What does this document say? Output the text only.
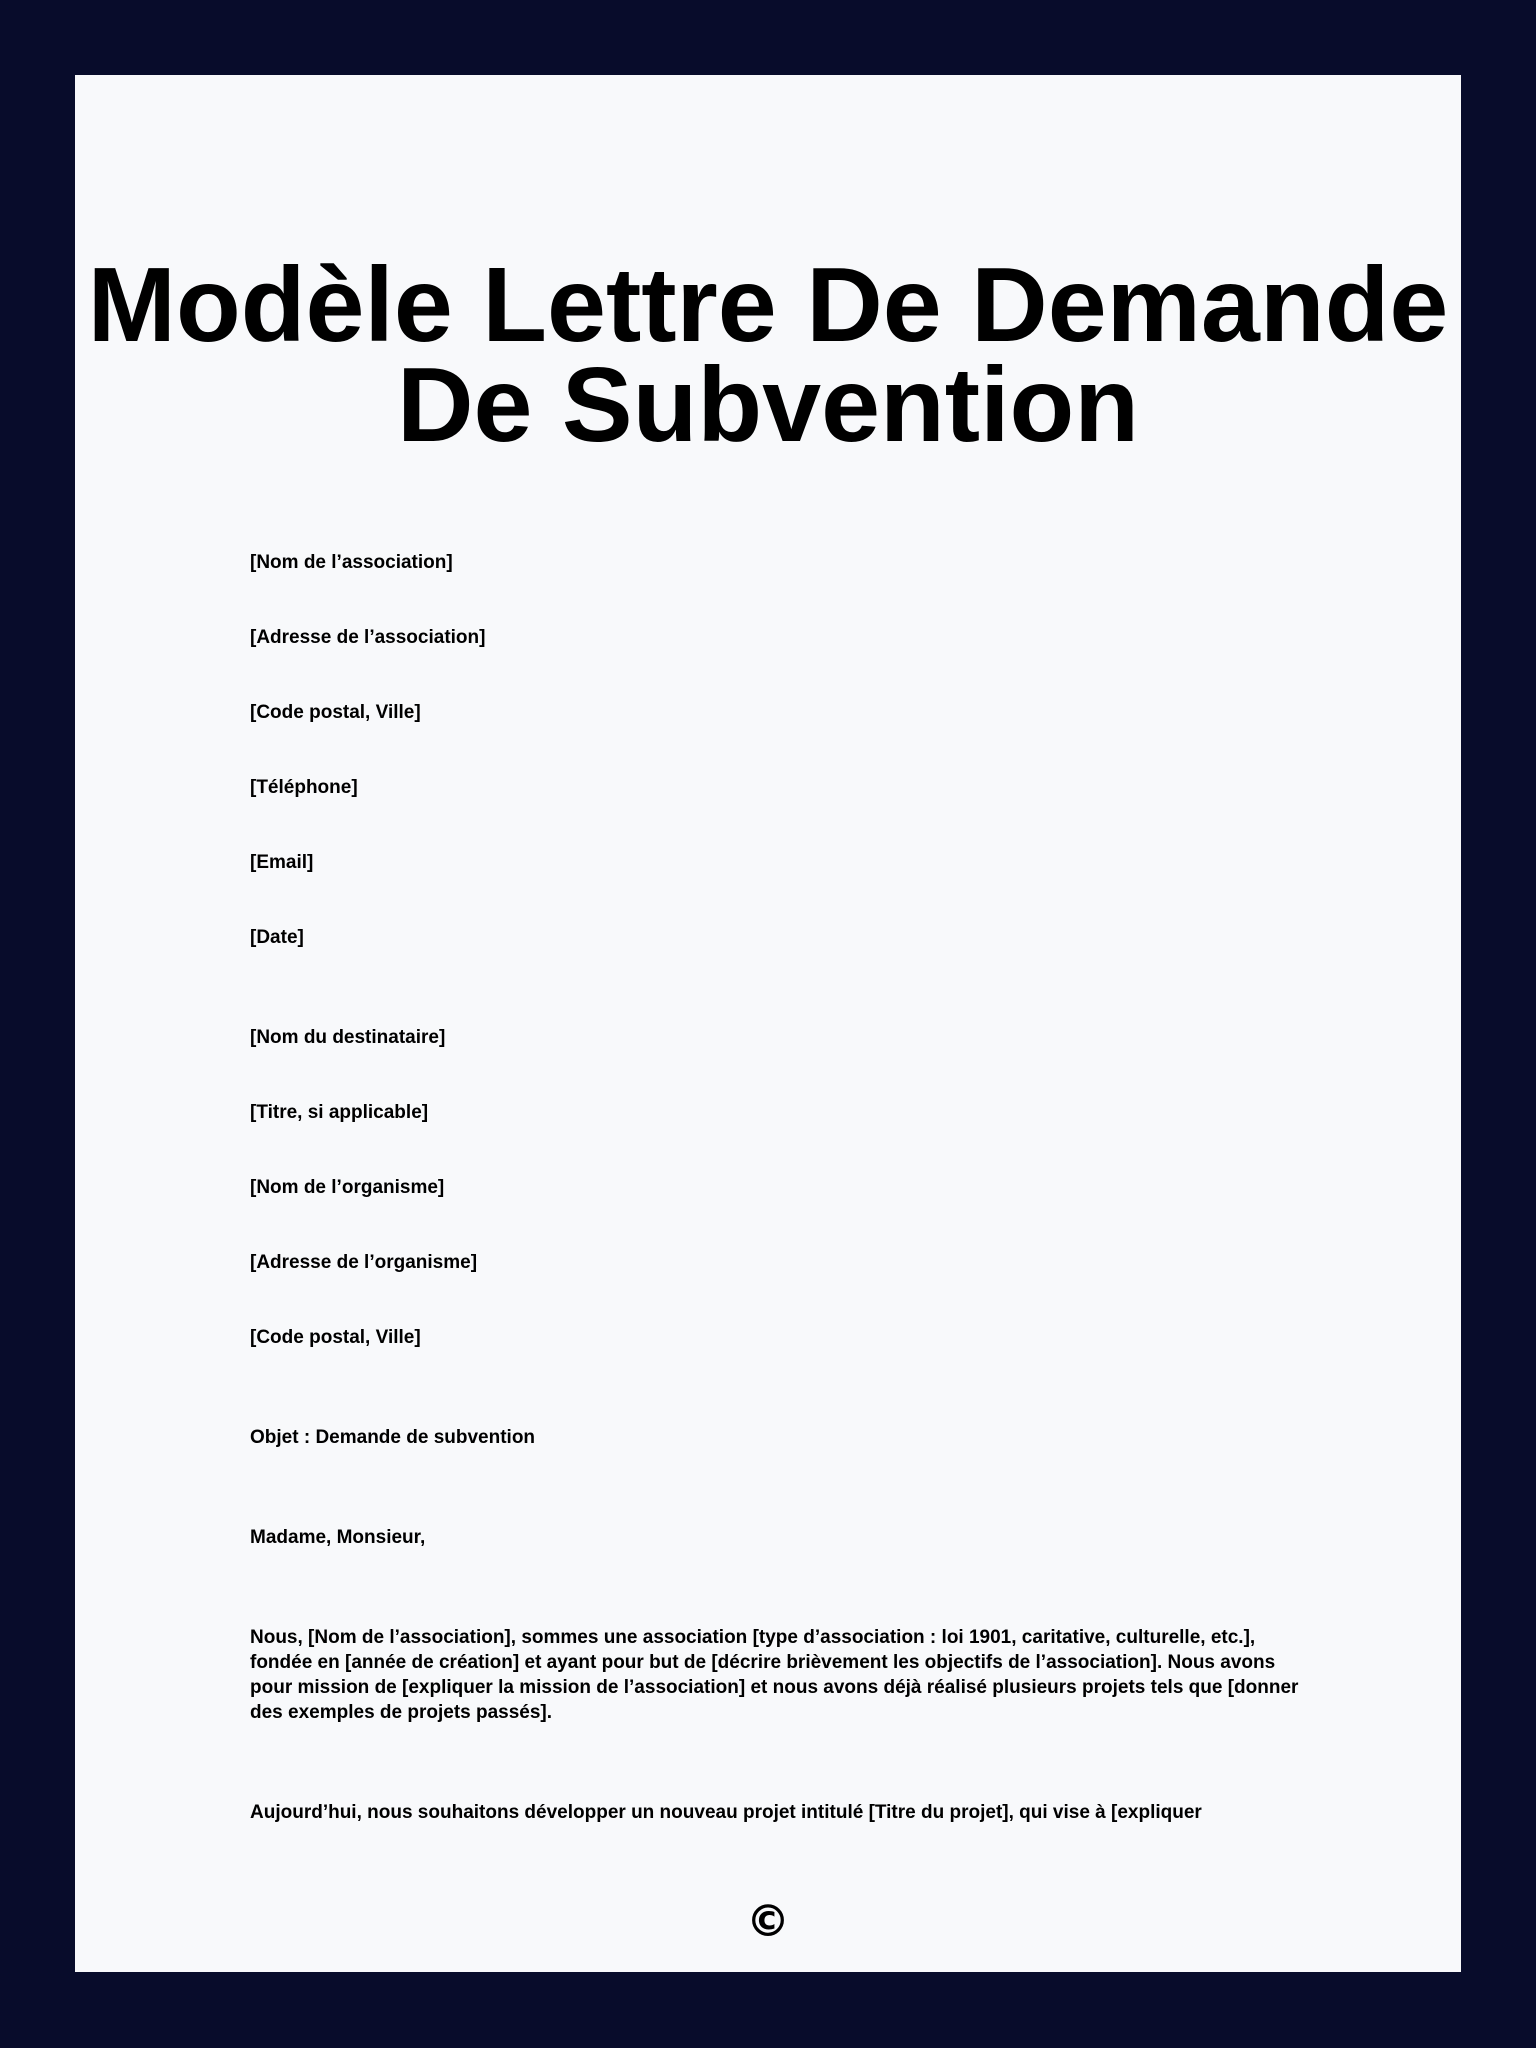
Modèle Lettre De Demande
De Subvention

[Nom de l’association]

[Adresse de l’association]

[Code postal, Ville]

[Téléphone]

[Email]

[Date]

[Nom du destinataire]

[Titre, si applicable]

[Nom de l’organisme]

[Adresse de l’organisme]

[Code postal, Ville]

Objet : Demande de subvention

Madame, Monsieur,

Nous, [Nom de l’association], sommes une association [type d’association : loi 1901, caritative, culturelle, etc.], fondée en [année de création] et ayant pour but de [décrire brièvement les objectifs de l’association]. Nous avons pour mission de [expliquer la mission de l’association] et nous avons déjà réalisé plusieurs projets tels que [donner des exemples de projets passés].

Aujourd’hui, nous souhaitons développer un nouveau projet intitulé [Titre du projet], qui vise à [expliquer

©
